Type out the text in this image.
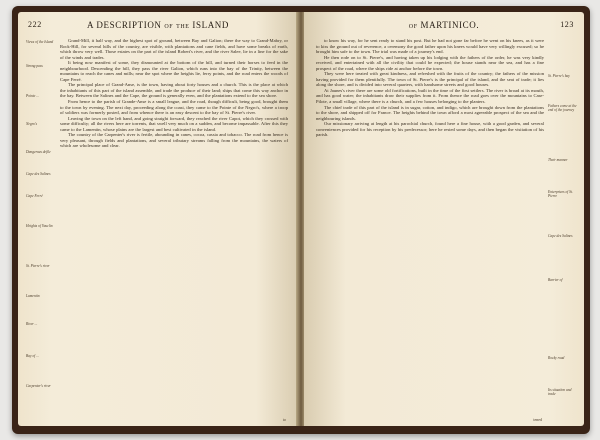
222	A DESCRIPTION of the ISLAND
Views of the Island
Strong pass
Pointe ...
Negro's
Dangerous defile
Cape des Salines
Cape Ferré
Heights of Vauclin
St. Pierre's river
Lamentin
River ...
Bay of ...
Carpenter's river

Grand-Mill, it half way, and the highest spot of ground, between Bay and Galion; there the way to Grand-Mabry, or Rock-Hill, for several hills of the country, are visible, with plantations and cane fields, and have some breaks of earth, which throw very well. Those estates on the part of the island Robert's river, and the river Salee, lie in a line for the sake of the winds and trades.

It being now manifest of some, they dismounted at the bottom of the hill, and turned their horses to feed in the neighbourhood. Descending the hill, they pass the river Galion, which runs into the bay of the Trinity, between the mountains to reach the canes and mills; near the spot where the heights lie, ferry points, and the road enters the woods of Cape Ferré.

The principal place of Grand-Anse, is the town, having about forty houses and a church. This is the place at which the inhabitants of this part of the island assemble, and trade the produce of their land; ships that come this way anchor in the bay. Between the Salines and the Cape, the ground is generally even, and the plantations extend to the sea shore.

From hence to the parish of Grande-Anse is a small league, and the road, though difficult, being good, brought them to the town by evening. The next day, proceeding along the coast, they came to the Pointe of the Negro's, where a troop of soldiers was formerly posted, and from whence there is an easy descent to the bay of St. Pierre's river.

Leaving the town on the left hand, and going straight forward, they reached the river Capot, which they crossed with some difficulty; all the rivers here are torrents, that swell very much on a sudden, and become impassable. After this they came to the Lamentin, whose plains are the largest and best cultivated in the island.

The country of the Carpenter's river is fertile, abounding in canes, cocoa, cassia and tobacco. The road from hence is very pleasant, through fields and plantations, and several tributary streams falling from the mountains, the waters of which are wholesome and clear.

to
of MARTINICO.	123
St. Pierre's bay
Fathers come at the end of the journey
Their manner
Enterprizes of St. Pierre
Cape des Salines
Barrier of
Rocky road
Its situation and trade

to know his way, for he sent ready to stand his post. But he had not gone far before he went on his knees, as it were to kiss the ground out of reverence, a ceremony the good father upon his knees would have very willingly excused; so he brought him safe to the town. The trial was made of a journey's end.

He then rode on to St. Pierre's, and having taken up his lodging with the fathers of the order, he was very kindly received, and entertained with all the civility that could be expected; the house stands near the sea, and has a fine prospect of the road, where the ships ride at anchor before the town.

They were here treated with great kindness, and refreshed with the fruits of the country; the fathers of the mission having provided for them plentifully. The town of St. Pierre's is the principal of the island, and the seat of trade; it lies along the shore, and is divided into several quarters, with handsome streets and good houses.

At Jaunes's river there are some old fortifications, built in the time of the first settlers. The river is broad at its mouth, and has good water; the inhabitants draw their supplies from it. From thence the road goes over the mountains to Case-Pilote, a small village, where there is a church, and a few houses belonging to the planters.

The chief trade of this part of the island is in sugar, cotton, and indigo, which are brought down from the plantations to the shore, and shipped off for France. The heights behind the town afford a most agreeable prospect of the sea and the neighbouring islands.

Our missionary arriving at length at his parochial church, found here a fine house, with a good garden, and several conveniences provided for his reception by his predecessor; here he rested some days, and then began the visitation of his parish.

tened
